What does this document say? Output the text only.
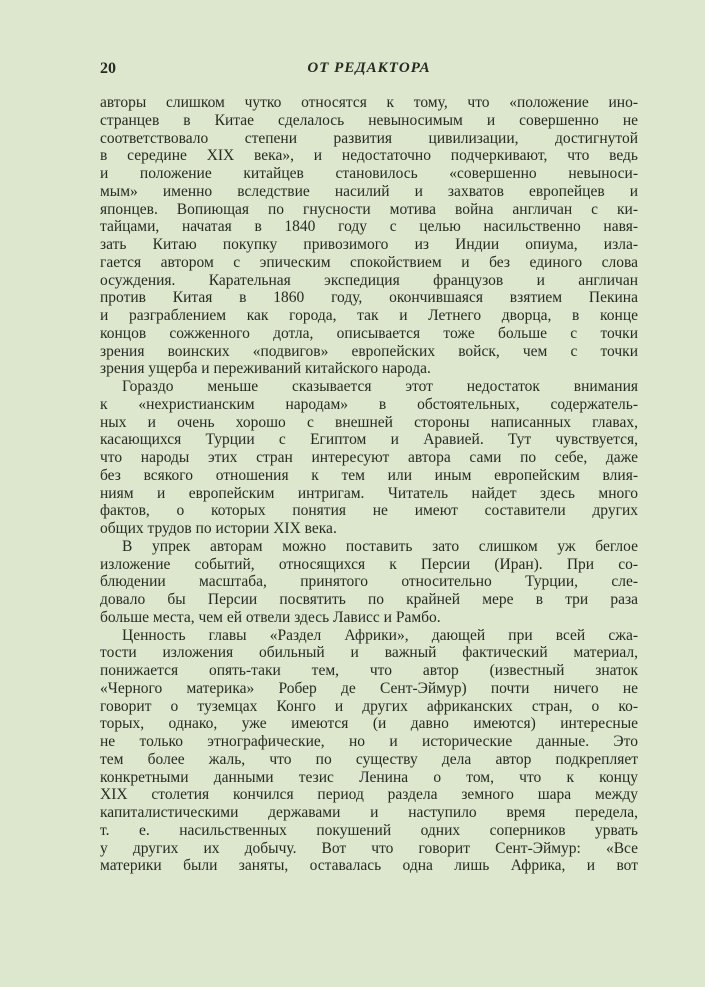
20	ОТ РЕДАКТОРА
авторы слишком чутко относятся к тому, что «положение ино-
странцев в Китае сделалось невыносимым и совершенно не
соответствовало степени развития цивилизации, достигнутой
в середине XIX века», и недостаточно подчеркивают, что ведь
и положение китайцев становилось «совершенно невыноси-
мым» именно вследствие насилий и захватов европейцев и
японцев. Вопиющая по гнусности мотива война англичан с ки-
тайцами, начатая в 1840 году с целью насильственно навя-
зать Китаю покупку привозимого из Индии опиума, изла-
гается автором с эпическим спокойствием и без единого слова
осуждения. Карательная экспедиция французов и англичан
против Китая в 1860 году, окончившаяся взятием Пекина
и разграблением как города, так и Летнего дворца, в конце
концов сожженного дотла, описывается тоже больше с точки
зрения воинских «подвигов» европейских войск, чем с точки
зрения ущерба и переживаний китайского народа.
Гораздо меньше сказывается этот недостаток внимания
к «нехристианским народам» в обстоятельных, содержатель-
ных и очень хорошо с внешней стороны написанных главах,
касающихся Турции с Египтом и Аравией. Тут чувствуется,
что народы этих стран интересуют автора сами по себе, даже
без всякого отношения к тем или иным европейским влия-
ниям и европейским интригам. Читатель найдет здесь много
фактов, о которых понятия не имеют составители других
общих трудов по истории XIX века.
В упрек авторам можно поставить зато слишком уж беглое
изложение событий, относящихся к Персии (Иран). При со-
блюдении масштаба, принятого относительно Турции, сле-
довало бы Персии посвятить по крайней мере в три раза
больше места, чем ей отвели здесь Лависс и Рамбо.
Ценность главы «Раздел Африки», дающей при всей сжа-
тости изложения обильный и важный фактический материал,
понижается опять-таки тем, что автор (известный знаток
«Черного материка» Робер де Сент-Эймур) почти ничего не
говорит о туземцах Конго и других африканских стран, о ко-
торых, однако, уже имеются (и давно имеются) интересные
не только этнографические, но и исторические данные. Это
тем более жаль, что по существу дела автор подкрепляет
конкретными данными тезис Ленина о том, что к концу
XIX столетия кончился период раздела земного шара между
капиталистическими державами и наступило время передела,
т. е. насильственных покушений одних соперников урвать
у других их добычу. Вот что говорит Сент-Эймур: «Все
материки были заняты, оставалась одна лишь Африка, и вот
